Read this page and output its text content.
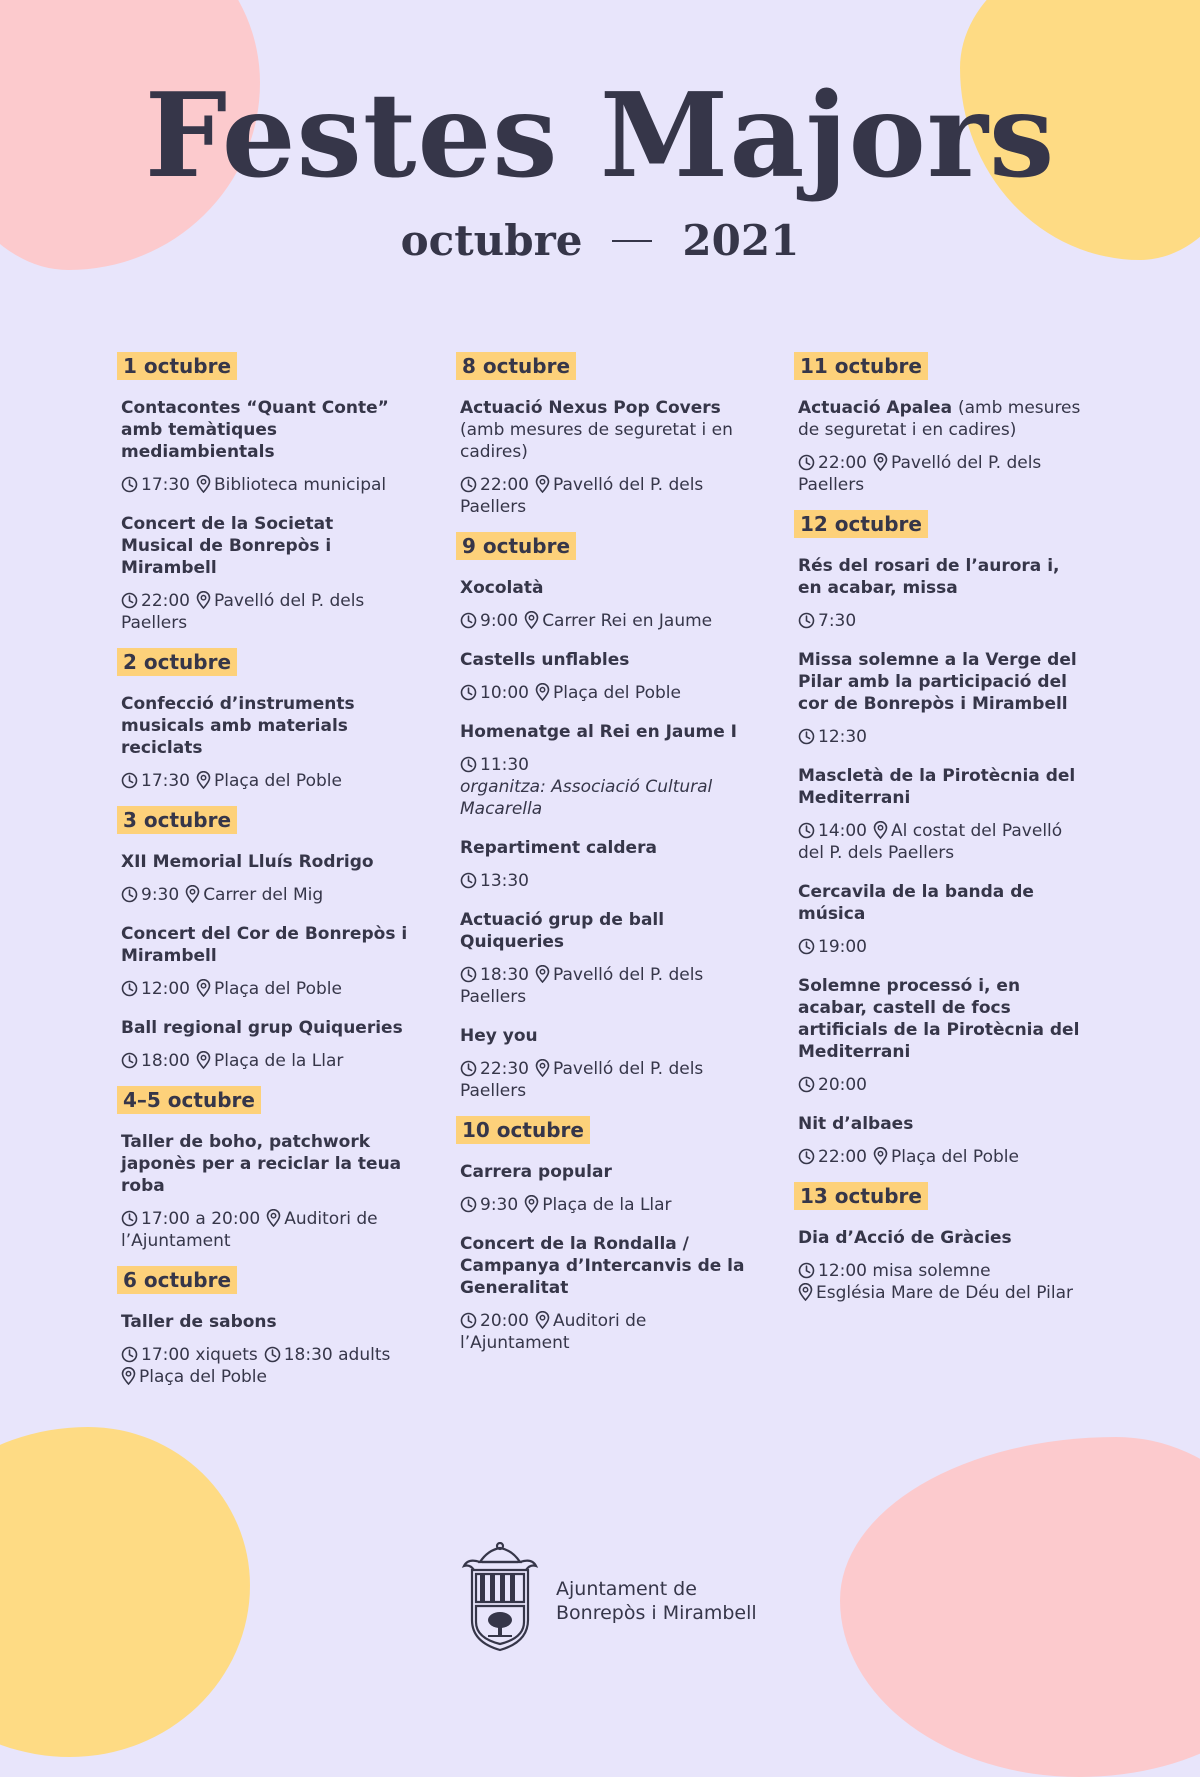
Festes Majors
octubre 2021
1 octubre
Contacontes “Quant Conte” amb temàtiques mediambientals
17:30 Biblioteca municipal
Concert de la Societat Musical de Bonrepòs i Mirambell
22:00 Pavelló del P. dels Paellers
2 octubre
Confecció d’instruments musicals amb materials reciclats
17:30 Plaça del Poble
3 octubre
XII Memorial Lluís Rodrigo
9:30 Carrer del Mig
Concert del Cor de Bonrepòs i Mirambell
12:00 Plaça del Poble
Ball regional grup Quiqueries
18:00 Plaça de la Llar
4–5 octubre
Taller de boho, patchwork japonès per a reciclar la teua roba
17:00 a 20:00 Auditori de l’Ajuntament
6 octubre
Taller de sabons
17:00 xiquets 18:30 adults

Plaça del Poble
8 octubre
Actuació Nexus Pop Covers (amb mesures de seguretat i en cadires)
22:00 Pavelló del P. dels Paellers
9 octubre
Xocolatà
9:00 Carrer Rei en Jaume
Castells unflables
10:00 Plaça del Poble
Homenatge al Rei en Jaume I
11:30
organitza: Associació Cultural Macarella
Repartiment caldera
13:30
Actuació grup de ball Quiqueries
18:30 Pavelló del P. dels Paellers
Hey you
22:30 Pavelló del P. dels Paellers
10 octubre
Carrera popular
9:30 Plaça de la Llar
Concert de la Rondalla / Campanya d’Intercanvis de la Generalitat
20:00 Auditori de l’Ajuntament
11 octubre
Actuació Apalea (amb mesures de seguretat i en cadires)
22:00 Pavelló del P. dels Paellers
12 octubre
Rés del rosari de l’aurora i, en acabar, missa
7:30
Missa solemne a la Verge del Pilar amb la participació del cor de Bonrepòs i Mirambell
12:30
Mascletà de la Pirotècnia del Mediterrani
14:00 Al costat del Pavelló del P. dels Paellers
Cercavila de la banda de música
19:00
Solemne processó i, en acabar, castell de focs artificials de la Pirotècnia del Mediterrani
20:00
Nit d’albaes
22:00 Plaça del Poble
13 octubre
Dia d’Acció de Gràcies
12:00 misa solemne

Església Mare de Déu del Pilar
Ajuntament de
Bonrepòs i Mirambell
